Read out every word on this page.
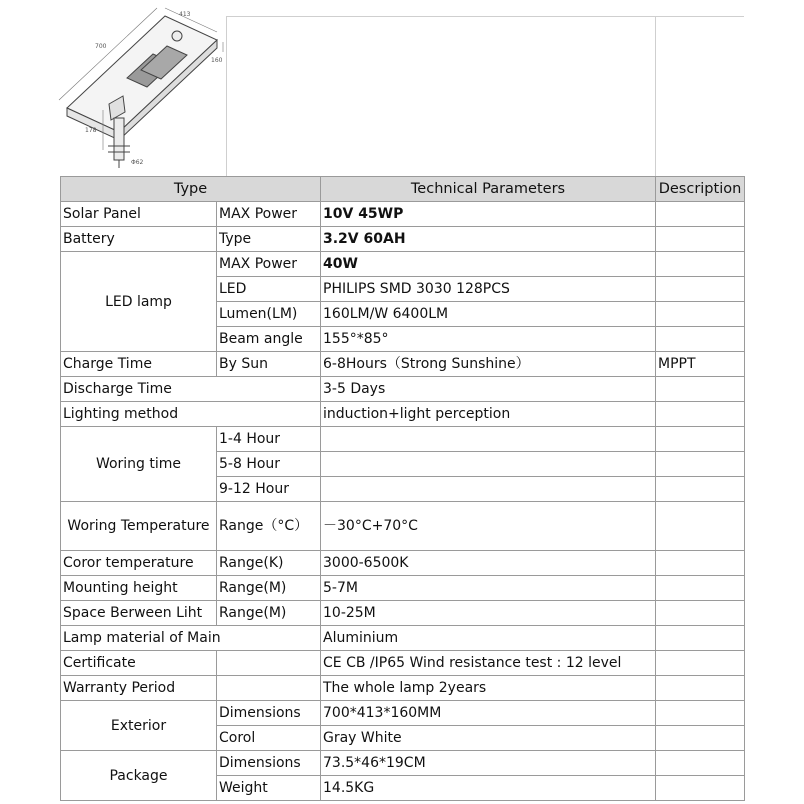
413
700
160
178
Φ62
Type		Technical Parameters	Description
Solar Panel	MAX Power	10V 45WP	
Battery	Type	3.2V 60AH	
LED lamp	MAX Power	40W	
	LED	PHILIPS SMD 3030 128PCS	
	Lumen(LM)	160LM/W 6400LM	
	Beam angle	155°*85°	
Charge Time	By Sun	6-8Hours（Strong Sunshine）	MPPT
Discharge Time		3-5 Days	
Lighting method		induction+light perception	
Woring time	1-4 Hour		
	5-8 Hour		
	9-12 Hour		
Woring Temperature	Range（°C）	－30°C+70°C	
Coror temperature	Range(K)	3000-6500K	
Mounting height	Range(M)	5-7M	
Space Berween Liht	Range(M)	10-25M	
Lamp material of Main		Aluminium	
Certificate		CE CB /IP65 Wind resistance test : 12 level	
Warranty Period		The whole lamp 2years	
Exterior	Dimensions	700*413*160MM	
	Corol	Gray White	
Package	Dimensions	73.5*46*19CM	
	Weight	14.5KG	
